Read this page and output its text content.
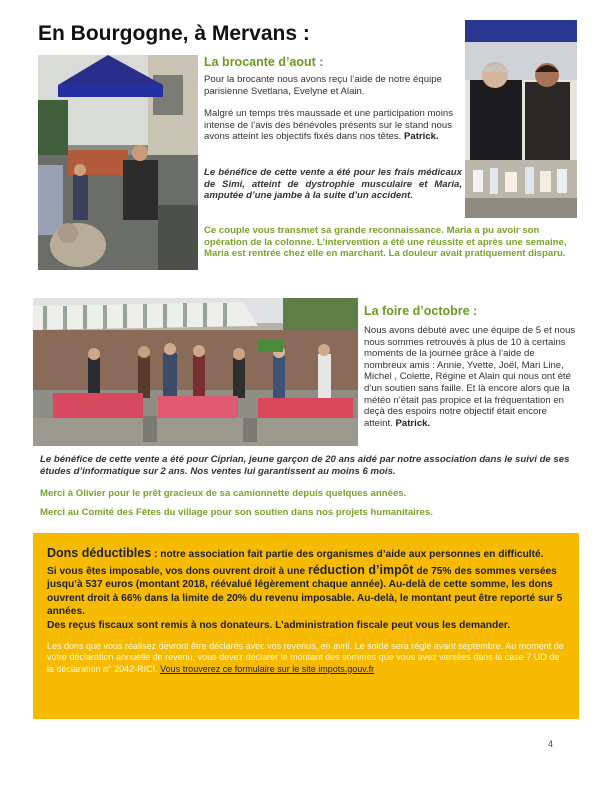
En Bourgogne, à Mervans :
La brocante d’aout :

Pour la brocante nous avons reçu l’aide de notre équipe parisienne Svetlana, Evelyne et Alain.

Malgré un temps très maussade et une participation moins intense de l’avis des bénévoles présents sur le stand nous avons atteint les objectifs fixés dans nos têtes. Patrick.

Le bénéfice de cette vente a été pour les frais médicaux de Simi, atteint de dystrophie musculaire et Maria, amputée d’une jambe à la suite d’un accident.

Ce couple vous transmet sa grande reconnaissance. Maria a pu avoir son opération de la colonne. L’intervention a été une réussite et après une semaine, Maria est rentrée chez elle en marchant. La douleur avait pratiquement disparu.

La foire d’octobre :

Nous avons débuté avec une équipe de 5 et nous nous sommes retrouvés à plus de 10 à certains moments de la journée grâce à l’aide de nombreux amis : Annie, Yvette, Joël, Mari Line, Michel , Colette, Régine et Alain qui nous ont été d’un soutien sans faille. Et là encore alors que la météo n’était pas propice et la fréquentation en deçà des espoirs notre objectif était encore atteint. Patrick.

Le bénéfice de cette vente a été pour Ciprian, jeune garçon de 20 ans aidé par notre association dans le suivi de ses études d’informatique sur 2 ans. Nos ventes lui garantissent au moins 6 mois.

Merci à Olivier pour le prêt gracieux de sa camionnette depuis quelques années.

Merci au Comité des Fêtes du village pour son soutien dans nos projets humanitaires.

Dons déductibles : notre association fait partie des organismes d’aide aux personnes en difficulté.

Si vous êtes imposable, vos dons ouvrent droit à une réduction d’impôt de 75% des sommes versées jusqu’à 537 euros (montant 2018, réévalué légèrement chaque année). Au-delà de cette somme, les dons ouvrent droit à 66% dans la limite de 20% du revenu imposable. Au-delà, le montant peut être reporté sur 5 années.

Des reçus fiscaux sont remis à nos donateurs. L’administration fiscale peut vous les demander.

Les dons que vous réalisez devront être déclarés avec vos revenus, en avril. Le solde sera réglé avant septembre. Au moment de votre déclaration annuelle de revenu, vous devez déclarer le montant des sommes que vous avez versées dans la case 7 UD de la déclaration n° 2042-RICI. Vous trouverez ce formulaire sur le site impots.gouv.fr

4
